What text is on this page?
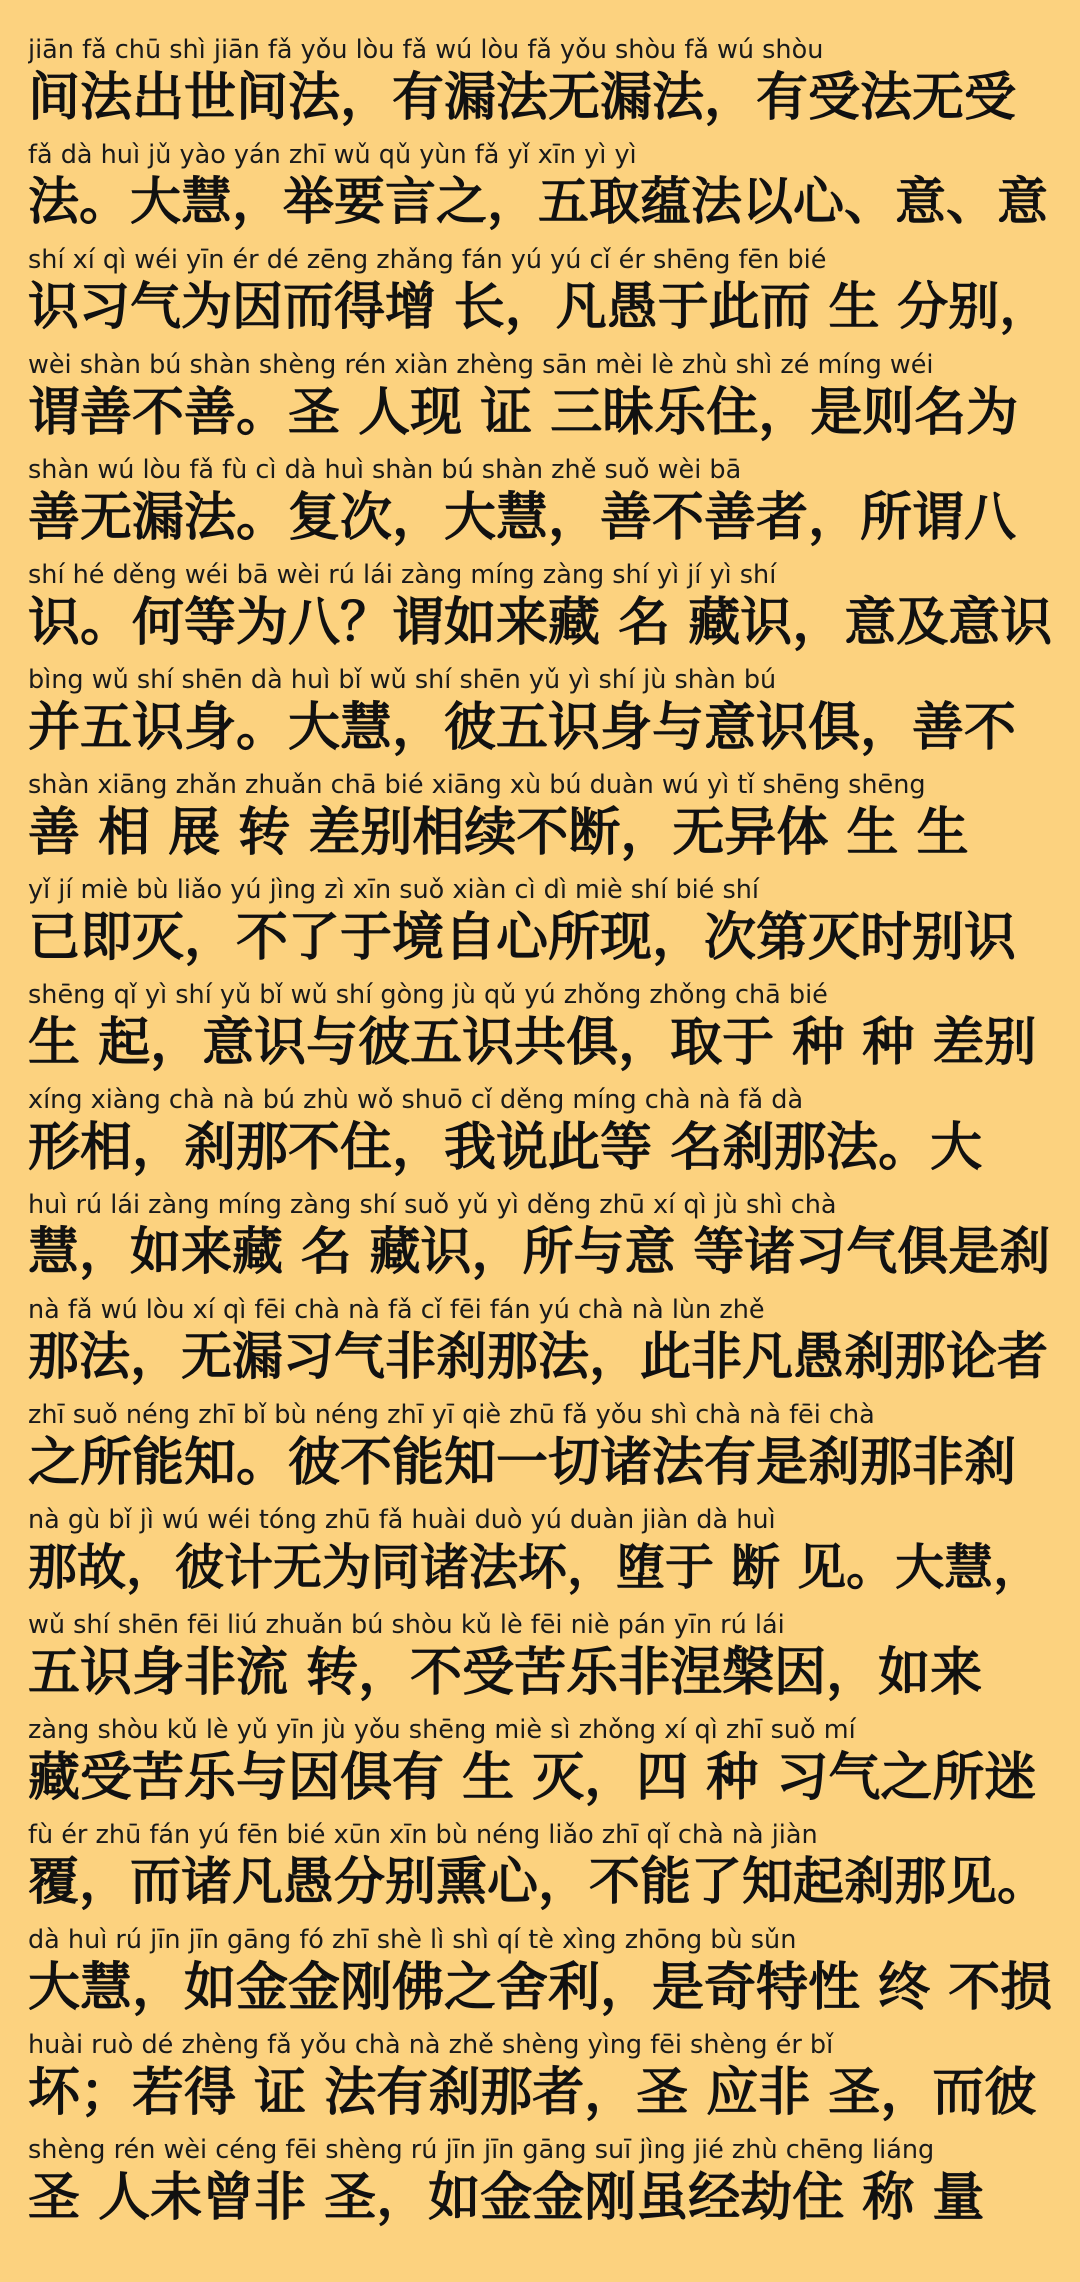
jiān fǎ chū shì jiān fǎ yǒu lòu fǎ wú lòu fǎ yǒu shòu fǎ wú shòu
间法出世间法，有漏法无漏法，有受法无受
fǎ dà huì jǔ yào yán zhī wǔ qǔ yùn fǎ yǐ xīn yì yì
法。大慧，举要言之，五取蕴法以心、意、意
shí xí qì wéi yīn ér dé zēng zhǎng fán yú yú cǐ ér shēng fēn bié
识习气为因而得增 长，凡愚于此而 生 分别，
wèi shàn bú shàn shèng rén xiàn zhèng sān mèi lè zhù shì zé míng wéi
谓善不善。圣 人现 证 三昧乐住，是则名为
shàn wú lòu fǎ fù cì dà huì shàn bú shàn zhě suǒ wèi bā
善无漏法。复次，大慧，善不善者，所谓八
shí hé děng wéi bā wèi rú lái zàng míng zàng shí yì jí yì shí
识。何等为八？谓如来藏 名 藏识，意及意识
bìng wǔ shí shēn dà huì bǐ wǔ shí shēn yǔ yì shí jù shàn bú
并五识身。大慧，彼五识身与意识俱，善不
shàn xiāng zhǎn zhuǎn chā bié xiāng xù bú duàn wú yì tǐ shēng shēng
善 相 展 转 差别相续不断，无异体 生 生
yǐ jí miè bù liǎo yú jìng zì xīn suǒ xiàn cì dì miè shí bié shí
已即灭，不了于境自心所现，次第灭时别识
shēng qǐ yì shí yǔ bǐ wǔ shí gòng jù qǔ yú zhǒng zhǒng chā bié
生 起，意识与彼五识共俱，取于 种 种 差别
xíng xiàng chà nà bú zhù wǒ shuō cǐ děng míng chà nà fǎ dà
形相，刹那不住，我说此等 名刹那法。大
huì rú lái zàng míng zàng shí suǒ yǔ yì děng zhū xí qì jù shì chà
慧，如来藏 名 藏识，所与意 等诸习气俱是刹
nà fǎ wú lòu xí qì fēi chà nà fǎ cǐ fēi fán yú chà nà lùn zhě
那法，无漏习气非刹那法，此非凡愚刹那论者
zhī suǒ néng zhī bǐ bù néng zhī yī qiè zhū fǎ yǒu shì chà nà fēi chà
之所能知。彼不能知一切诸法有是刹那非刹
nà gù bǐ jì wú wéi tóng zhū fǎ huài duò yú duàn jiàn dà huì
那故，彼计无为同诸法坏，堕于 断 见。大慧，
wǔ shí shēn fēi liú zhuǎn bú shòu kǔ lè fēi niè pán yīn rú lái
五识身非流 转，不受苦乐非涅槃因，如来
zàng shòu kǔ lè yǔ yīn jù yǒu shēng miè sì zhǒng xí qì zhī suǒ mí
藏受苦乐与因俱有 生 灭，四 种 习气之所迷
fù ér zhū fán yú fēn bié xūn xīn bù néng liǎo zhī qǐ chà nà jiàn
覆，而诸凡愚分别熏心，不能了知起刹那见。
dà huì rú jīn jīn gāng fó zhī shè lì shì qí tè xìng zhōng bù sǔn
大慧，如金金刚佛之舍利，是奇特性 终 不损
huài ruò dé zhèng fǎ yǒu chà nà zhě shèng yìng fēi shèng ér bǐ
坏；若得 证 法有刹那者，圣 应非 圣，而彼
shèng rén wèi céng fēi shèng rú jīn jīn gāng suī jìng jié zhù chēng liáng
圣 人未曾非 圣，如金金刚虽经劫住 称 量
